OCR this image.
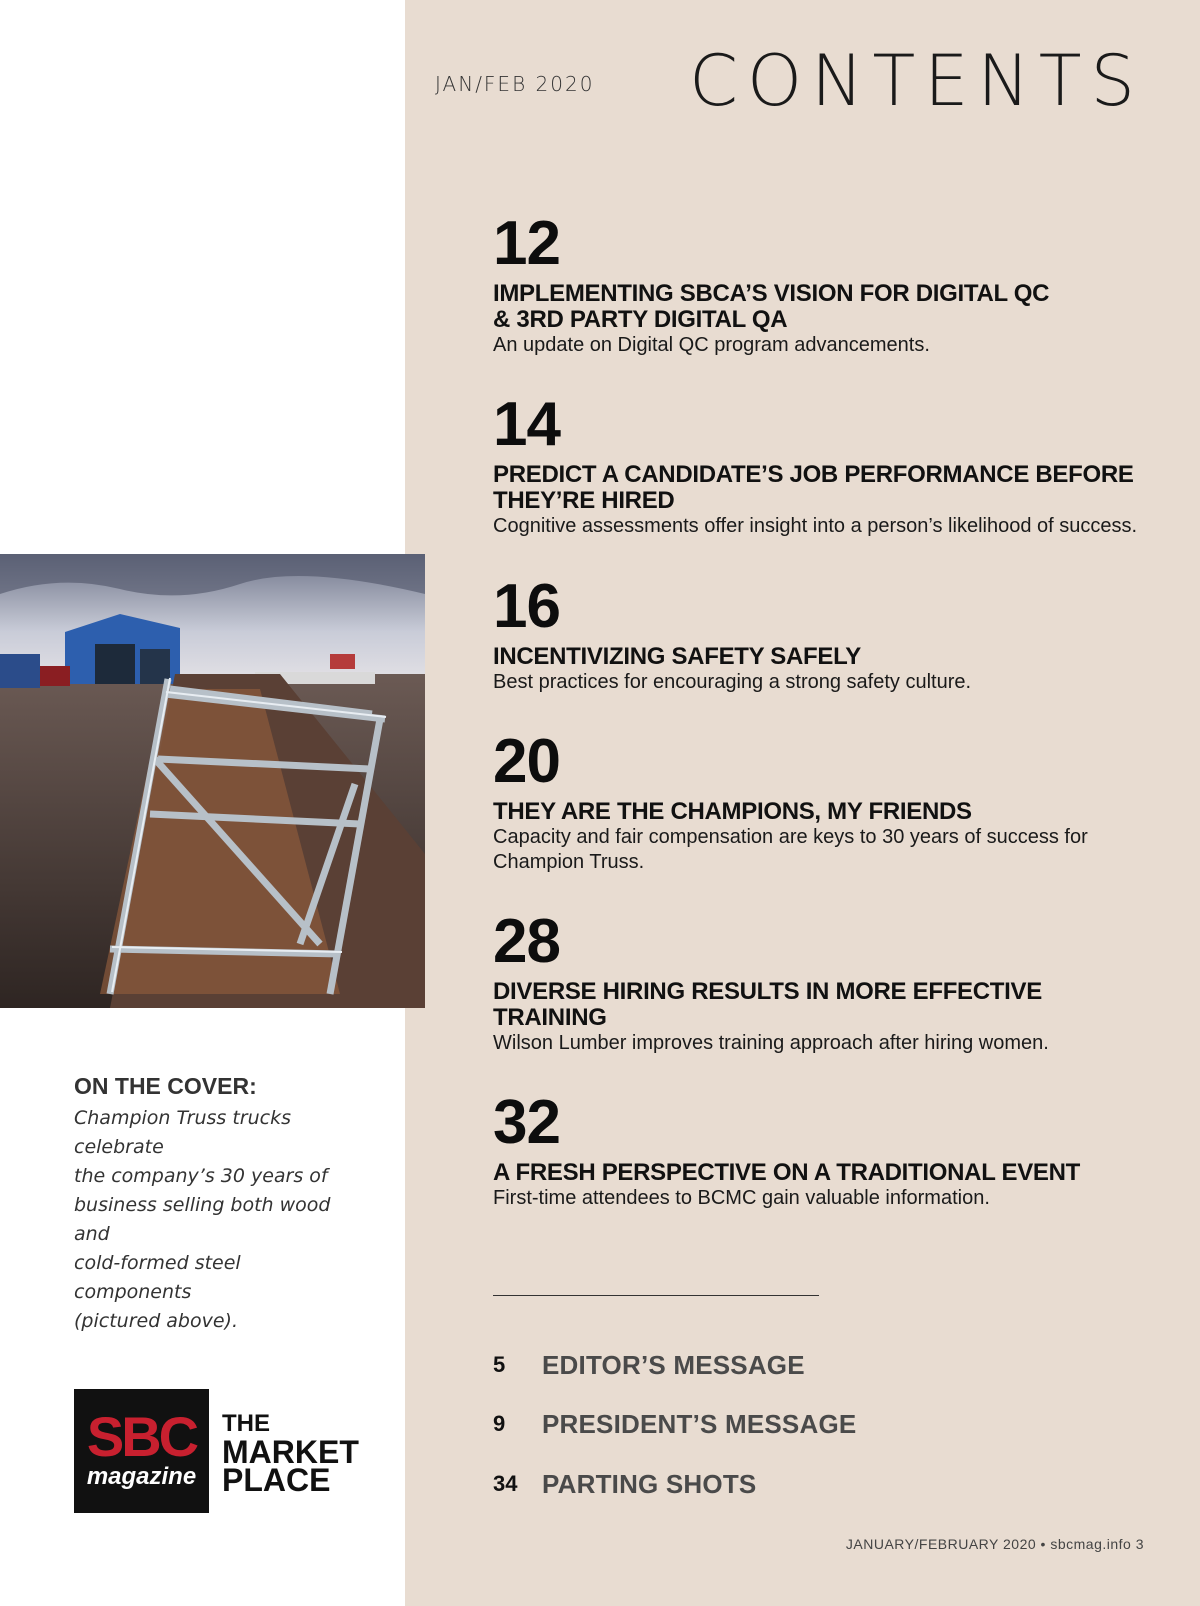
JAN/FEB 2020 CONTENTS
12
IMPLEMENTING SBCA’S VISION FOR DIGITAL QC
& 3RD PARTY DIGITAL QA
An update on Digital QC program advancements.
14
PREDICT A CANDIDATE’S JOB PERFORMANCE BEFORE
THEY’RE HIRED
Cognitive assessments offer insight into a person’s likelihood of success.
16
INCENTIVIZING SAFETY SAFELY
Best practices for encouraging a strong safety culture.
20
THEY ARE THE CHAMPIONS, MY FRIENDS
Capacity and fair compensation are keys to 30 years of success for
Champion Truss.
28
DIVERSE HIRING RESULTS IN MORE EFFECTIVE
TRAINING
Wilson Lumber improves training approach after hiring women.
32
A FRESH PERSPECTIVE ON A TRADITIONAL EVENT
First-time attendees to BCMC gain valuable information.
5	EDITOR’S MESSAGE
9	PRESIDENT’S MESSAGE
34 PARTING SHOTS
JANUARY/FEBRUARY 2020 • sbcmag.info 3
ON THE COVER:
Champion Truss trucks celebrate
the company’s 30 years of
business selling both wood and
cold-formed steel components
(pictured above).
SBC
magazine
THE
MARKET
PLACE
